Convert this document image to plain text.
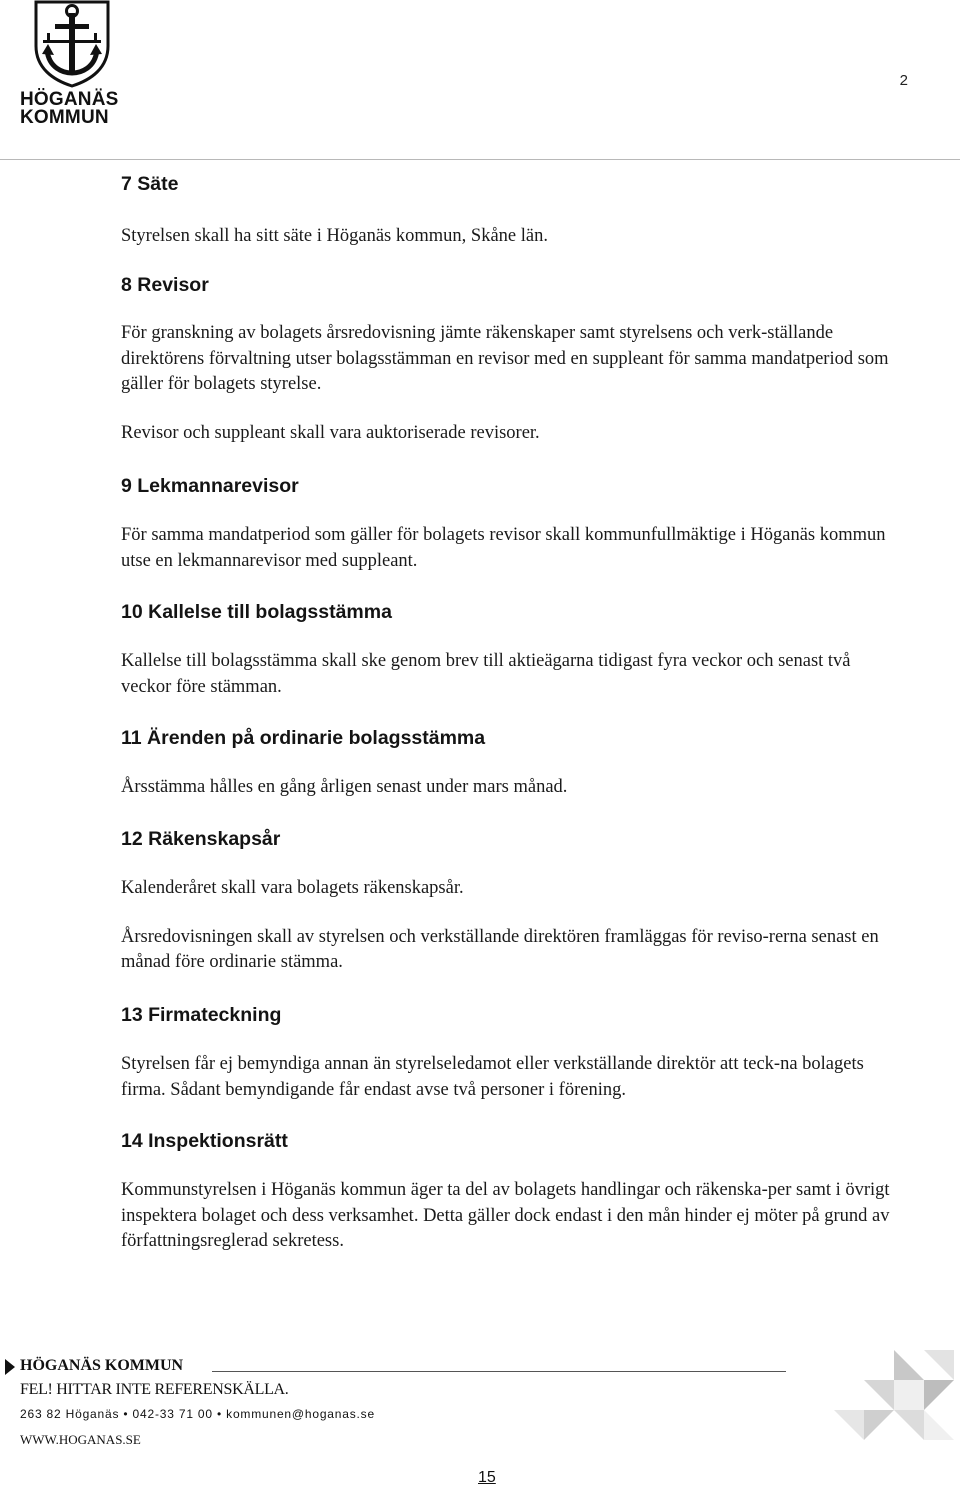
HÖGANÄS
KOMMUN
2
7 Säte

Styrelsen skall ha sitt säte i Höganäs kommun, Skåne län.

8 Revisor

För granskning av bolagets årsredovisning jämte räkenskaper samt styrelsens och verk-ställande direktörens förvaltning utser bolagsstämman en revisor med en suppleant för samma mandatperiod som gäller för bolagets styrelse.

Revisor och suppleant skall vara auktoriserade revisorer.

9 Lekmannarevisor

För samma mandatperiod som gäller för bolagets revisor skall kommunfullmäktige i Höganäs kommun utse en lekmannarevisor med suppleant.

10 Kallelse till bolagsstämma

Kallelse till bolagsstämma skall ske genom brev till aktieägarna tidigast fyra veckor och senast två veckor före stämman.

11 Ärenden på ordinarie bolagsstämma

Årsstämma hålles en gång årligen senast under mars månad.

12 Räkenskapsår

Kalenderåret skall vara bolagets räkenskapsår.

Årsredovisningen skall av styrelsen och verkställande direktören framläggas för reviso-rerna senast en månad före ordinarie stämma.

13 Firmateckning

Styrelsen får ej bemyndiga annan än styrelseledamot eller verkställande direktör att teck-na bolagets firma. Sådant bemyndigande får endast avse två personer i förening.

14 Inspektionsrätt

Kommunstyrelsen i Höganäs kommun äger ta del av bolagets handlingar och räkenska-per samt i övrigt inspektera bolaget och dess verksamhet. Detta gäller dock endast i den mån hinder ej möter på grund av författningsreglerad sekretess.

HÖGANÄS KOMMUN
FEL! HITTAR INTE REFERENSKÄLLA.
263 82 Höganäs • 042-33 71 00 • kommunen@hoganas.se
WWW.HOGANAS.SE
15
